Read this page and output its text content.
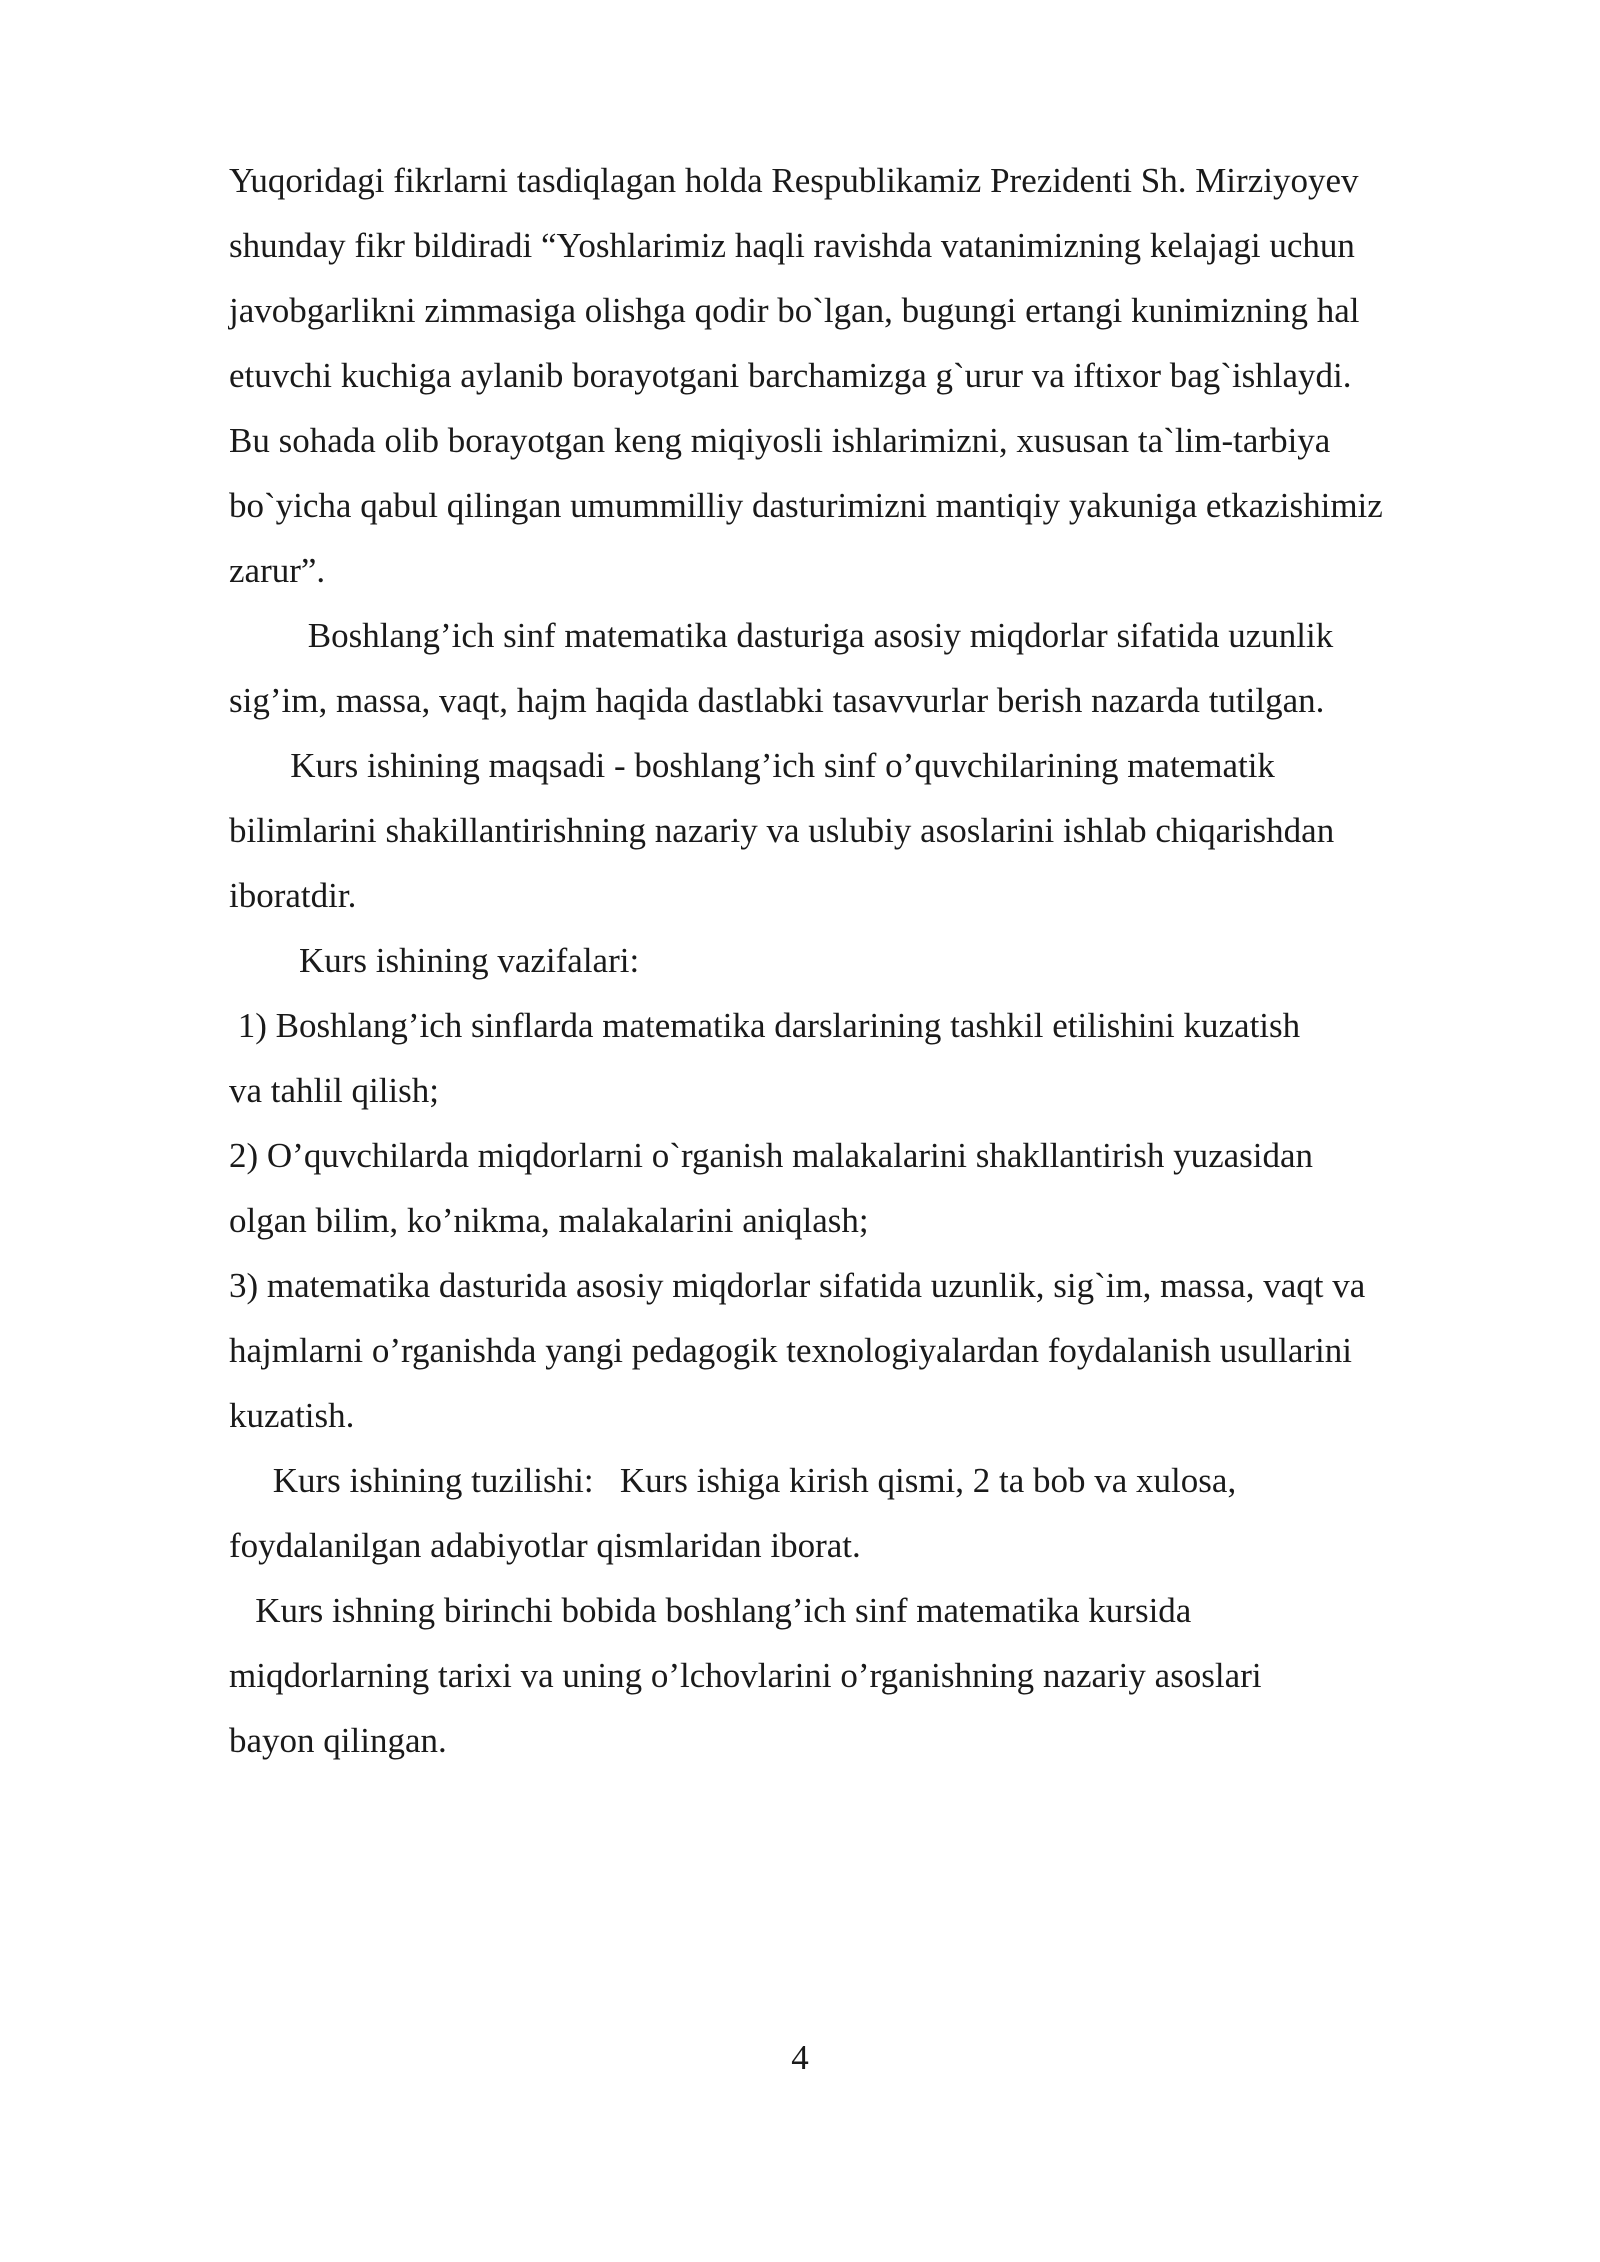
Yuqoridagi fikrlarni tasdiqlagan holda Respublikamiz Prezidenti Sh. Mirziyoyev
shunday fikr bildiradi “Yoshlarimiz haqli ravishda vatanimizning kelajagi uchun
javobgarlikni zimmasiga olishga qodir bo`lgan, bugungi ertangi kunimizning hal
etuvchi kuchiga aylanib borayotgani barchamizga g`urur va iftixor bag`ishlaydi.
Bu sohada olib borayotgan keng miqiyosli ishlarimizni, xususan ta`lim-tarbiya
bo`yicha qabul qilingan umummilliy dasturimizni mantiqiy yakuniga etkazishimiz
zarur”.
Boshlang’ich sinf matematika dasturiga asosiy miqdorlar sifatida uzunlik
sig’im, massa, vaqt, hajm haqida dastlabki tasavvurlar berish nazarda tutilgan.
Kurs ishining maqsadi - boshlang’ich sinf o’quvchilarining matematik
bilimlarini shakillantirishning nazariy va uslubiy asoslarini ishlab chiqarishdan
iboratdir.
Kurs ishining vazifalari:
1) Boshlang’ich sinflarda matematika darslarining tashkil etilishini kuzatish
va tahlil qilish;
2) O’quvchilarda miqdorlarni o`rganish malakalarini shakllantirish yuzasidan
olgan bilim, ko’nikma, malakalarini aniqlash;
3) matematika dasturida asosiy miqdorlar sifatida uzunlik, sig`im, massa, vaqt va
hajmlarni o’rganishda yangi pedagogik texnologiyalardan foydalanish usullarini
kuzatish.
Kurs ishining tuzilishi:   Kurs ishiga kirish qismi, 2 ta bob va xulosa,
foydalanilgan adabiyotlar qismlaridan iborat.
Kurs ishning birinchi bobida boshlang’ich sinf matematika kursida
miqdorlarning tarixi va uning o’lchovlarini o’rganishning nazariy asoslari
bayon qilingan.
4
